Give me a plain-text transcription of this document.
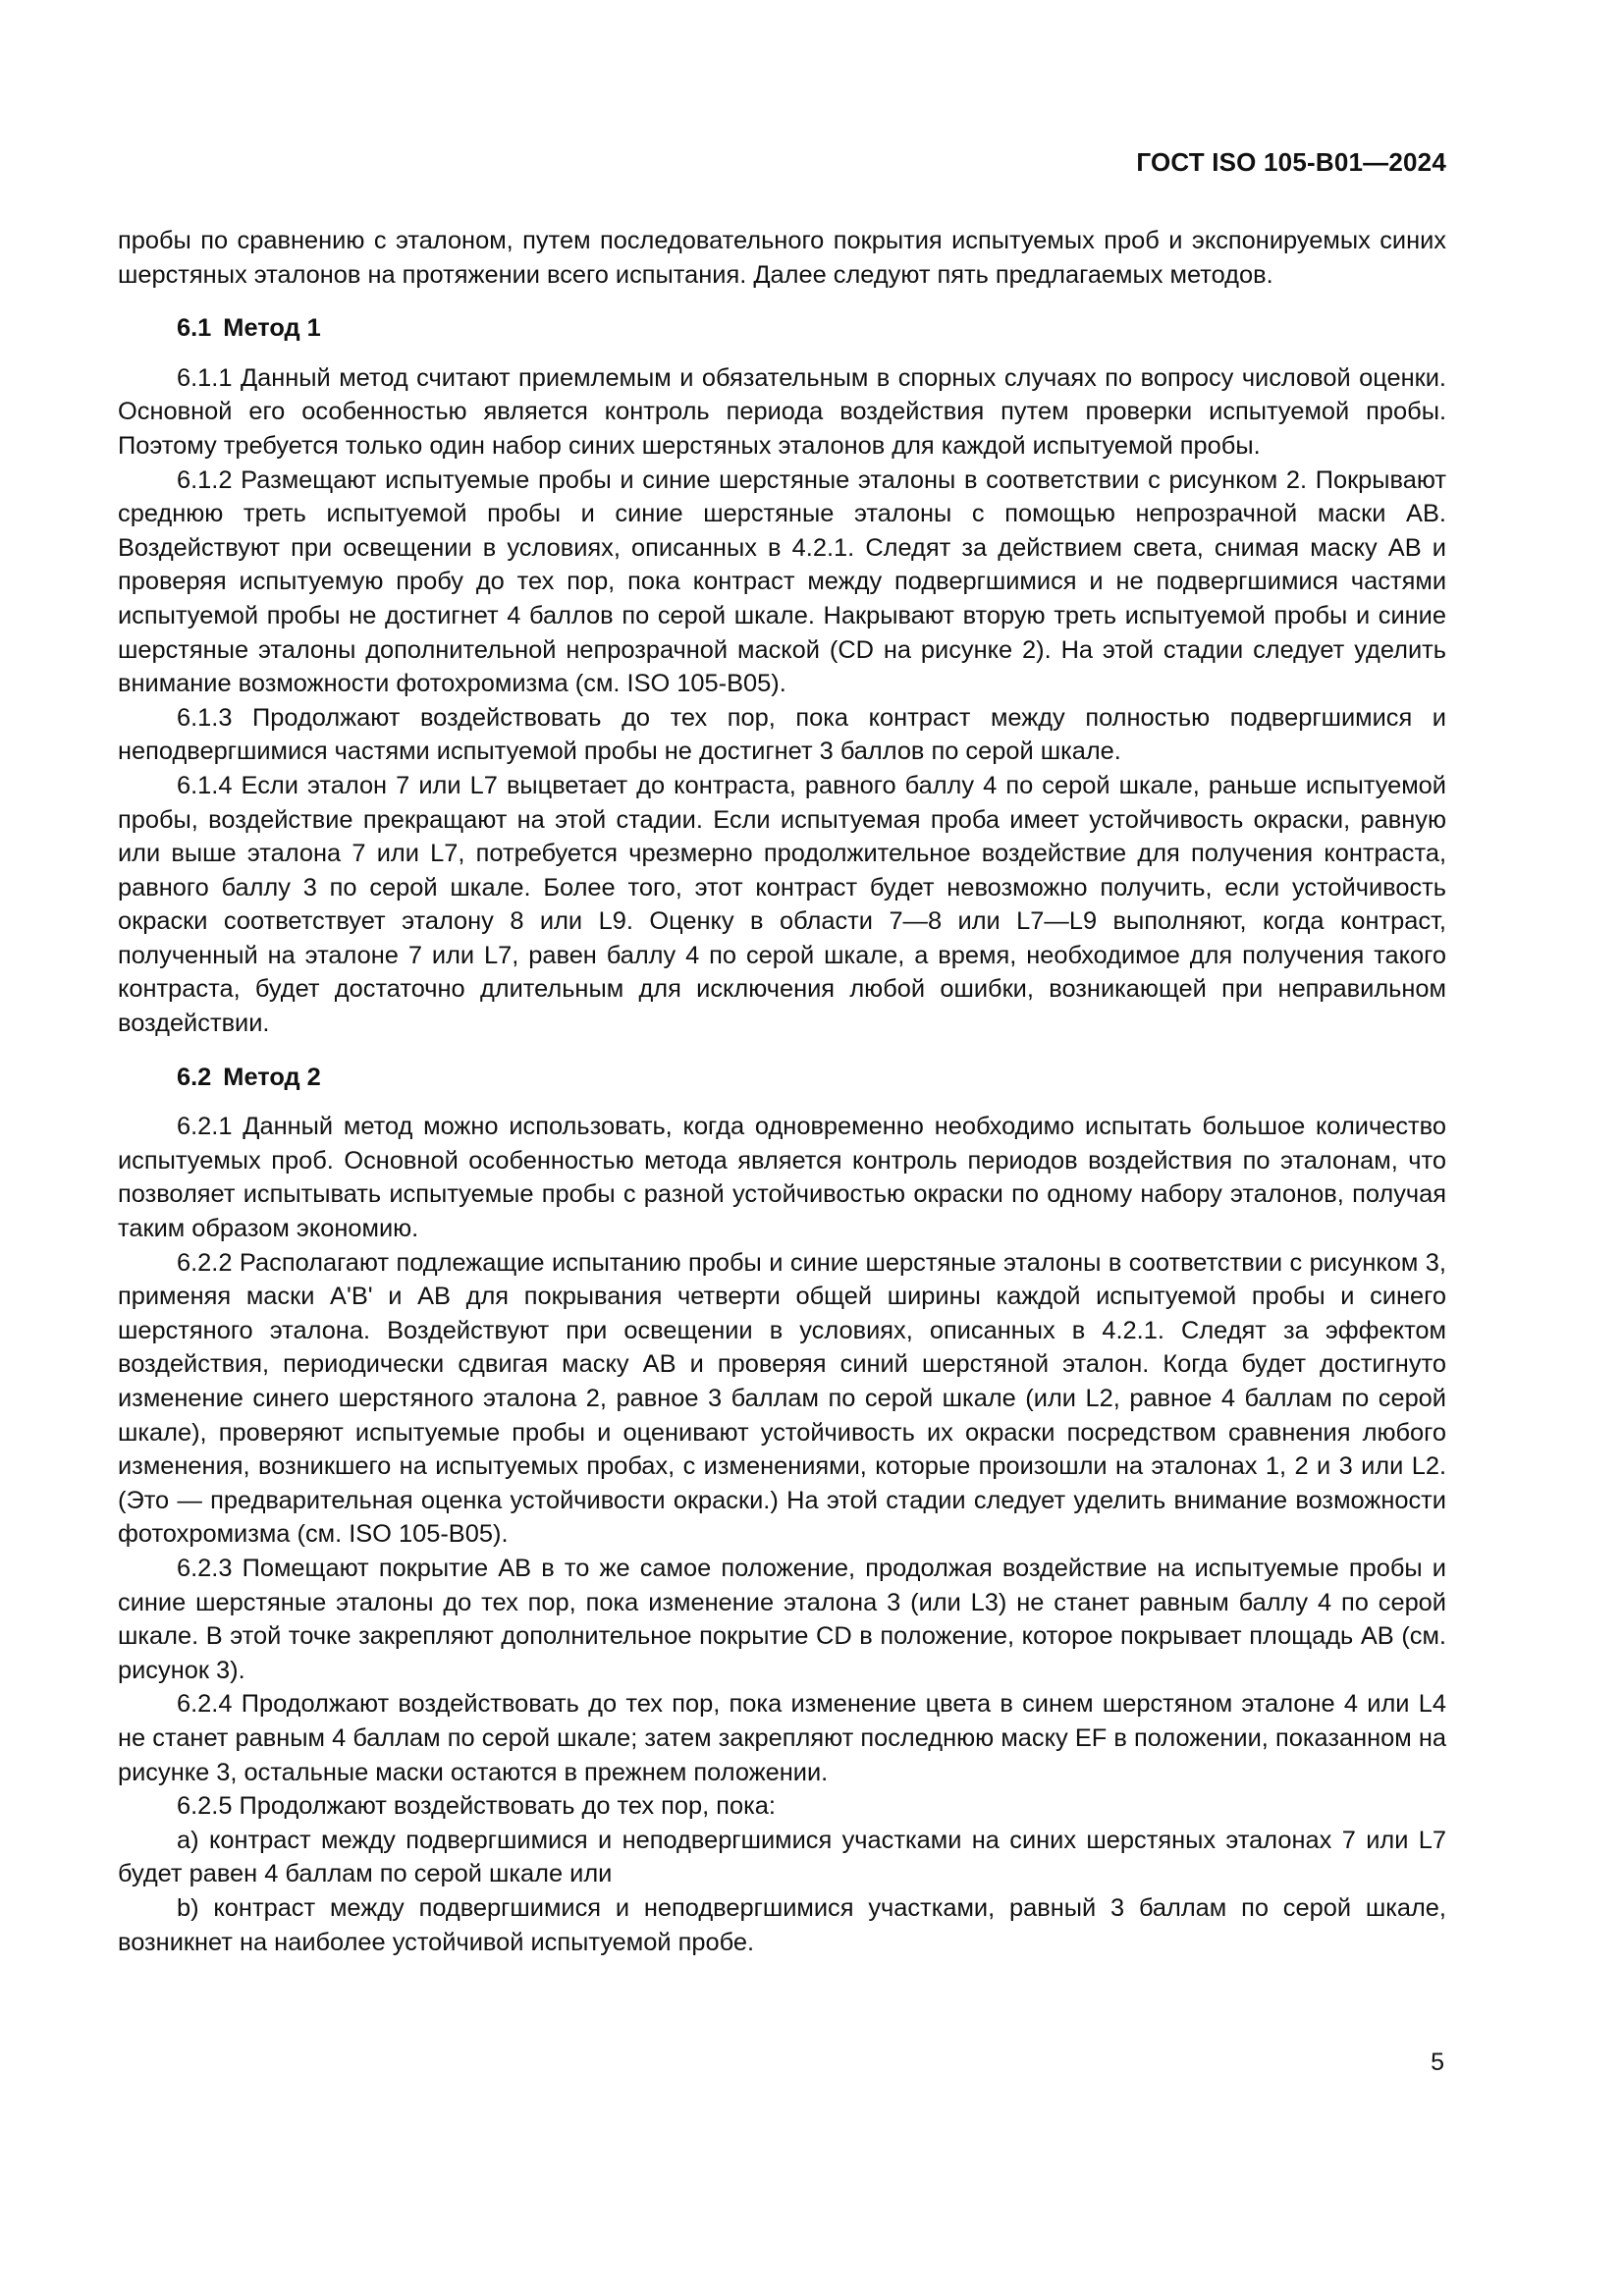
ГОСТ ISO 105-B01—2024

пробы по сравнению с эталоном, путем последовательного покрытия испытуемых проб и экспонируемых синих шерстяных эталонов на протяжении всего испытания. Далее следуют пять предлагаемых методов.

6.1 Метод 1

6.1.1 Данный метод считают приемлемым и обязательным в спорных случаях по вопросу числовой оценки. Основной его особенностью является контроль периода воздействия путем проверки испытуемой пробы. Поэтому требуется только один набор синих шерстяных эталонов для каждой испытуемой пробы.

6.1.2 Размещают испытуемые пробы и синие шерстяные эталоны в соответствии с рисунком 2. Покрывают среднюю треть испытуемой пробы и синие шерстяные эталоны с помощью непрозрачной маски AB. Воздействуют при освещении в условиях, описанных в 4.2.1. Следят за действием света, снимая маску AB и проверяя испытуемую пробу до тех пор, пока контраст между подвергшимися и не подвергшимися частями испытуемой пробы не достигнет 4 баллов по серой шкале. Накрывают вторую треть испытуемой пробы и синие шерстяные эталоны дополнительной непрозрачной маской (CD на рисунке 2). На этой стадии следует уделить внимание возможности фотохромизма (см. ISO 105-B05).

6.1.3 Продолжают воздействовать до тех пор, пока контраст между полностью подвергшимися и неподвергшимися частями испытуемой пробы не достигнет 3 баллов по серой шкале.

6.1.4 Если эталон 7 или L7 выцветает до контраста, равного баллу 4 по серой шкале, раньше испытуемой пробы, воздействие прекращают на этой стадии. Если испытуемая проба имеет устойчивость окраски, равную или выше эталона 7 или L7, потребуется чрезмерно продолжительное воздействие для получения контраста, равного баллу 3 по серой шкале. Более того, этот контраст будет невозможно получить, если устойчивость окраски соответствует эталону 8 или L9. Оценку в области 7—8 или L7—L9 выполняют, когда контраст, полученный на эталоне 7 или L7, равен баллу 4 по серой шкале, а время, необходимое для получения такого контраста, будет достаточно длительным для исключения любой ошибки, возникающей при неправильном воздействии.

6.2 Метод 2

6.2.1 Данный метод можно использовать, когда одновременно необходимо испытать большое количество испытуемых проб. Основной особенностью метода является контроль периодов воздействия по эталонам, что позволяет испытывать испытуемые пробы с разной устойчивостью окраски по одному набору эталонов, получая таким образом экономию.

6.2.2 Располагают подлежащие испытанию пробы и синие шерстяные эталоны в соответствии с рисунком 3, применяя маски A'B' и AB для покрывания четверти общей ширины каждой испытуемой пробы и синего шерстяного эталона. Воздействуют при освещении в условиях, описанных в 4.2.1. Следят за эффектом воздействия, периодически сдвигая маску AB и проверяя синий шерстяной эталон. Когда будет достигнуто изменение синего шерстяного эталона 2, равное 3 баллам по серой шкале (или L2, равное 4 баллам по серой шкале), проверяют испытуемые пробы и оценивают устойчивость их окраски посредством сравнения любого изменения, возникшего на испытуемых пробах, с изменениями, которые произошли на эталонах 1, 2 и 3 или L2. (Это — предварительная оценка устойчивости окраски.) На этой стадии следует уделить внимание возможности фотохромизма (см. ISO 105-B05).

6.2.3 Помещают покрытие AB в то же самое положение, продолжая воздействие на испытуемые пробы и синие шерстяные эталоны до тех пор, пока изменение эталона 3 (или L3) не станет равным баллу 4 по серой шкале. В этой точке закрепляют дополнительное покрытие CD в положение, которое покрывает площадь AB (см. рисунок 3).

6.2.4 Продолжают воздействовать до тех пор, пока изменение цвета в синем шерстяном эталоне 4 или L4 не станет равным 4 баллам по серой шкале; затем закрепляют последнюю маску EF в положении, показанном на рисунке 3, остальные маски остаются в прежнем положении.

6.2.5 Продолжают воздействовать до тех пор, пока:

a) контраст между подвергшимися и неподвергшимися участками на синих шерстяных эталонах 7 или L7 будет равен 4 баллам по серой шкале или

b) контраст между подвергшимися и неподвергшимися участками, равный 3 баллам по серой шкале, возникнет на наиболее устойчивой испытуемой пробе.

5
